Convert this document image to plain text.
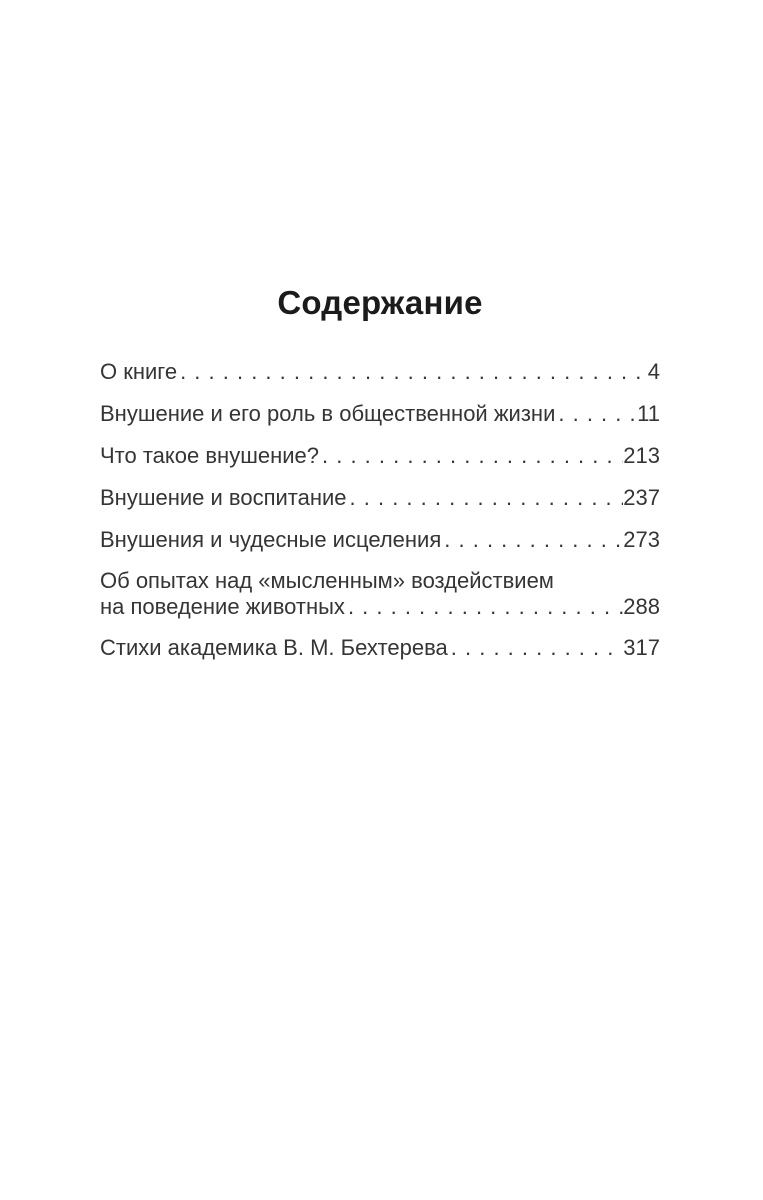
Содержание
О книге . . .	4
Внушение и его роль в общественной жизни . . .	11
Что такое внушение? . . .	213
Внушение и воспитание . . .	237
Внушения и чудесные исцеления . . .	273
Об опытах над «мысленным» воздействием
на поведение животных . . .	288
Стихи академика В. М. Бехтерева . . .	317
